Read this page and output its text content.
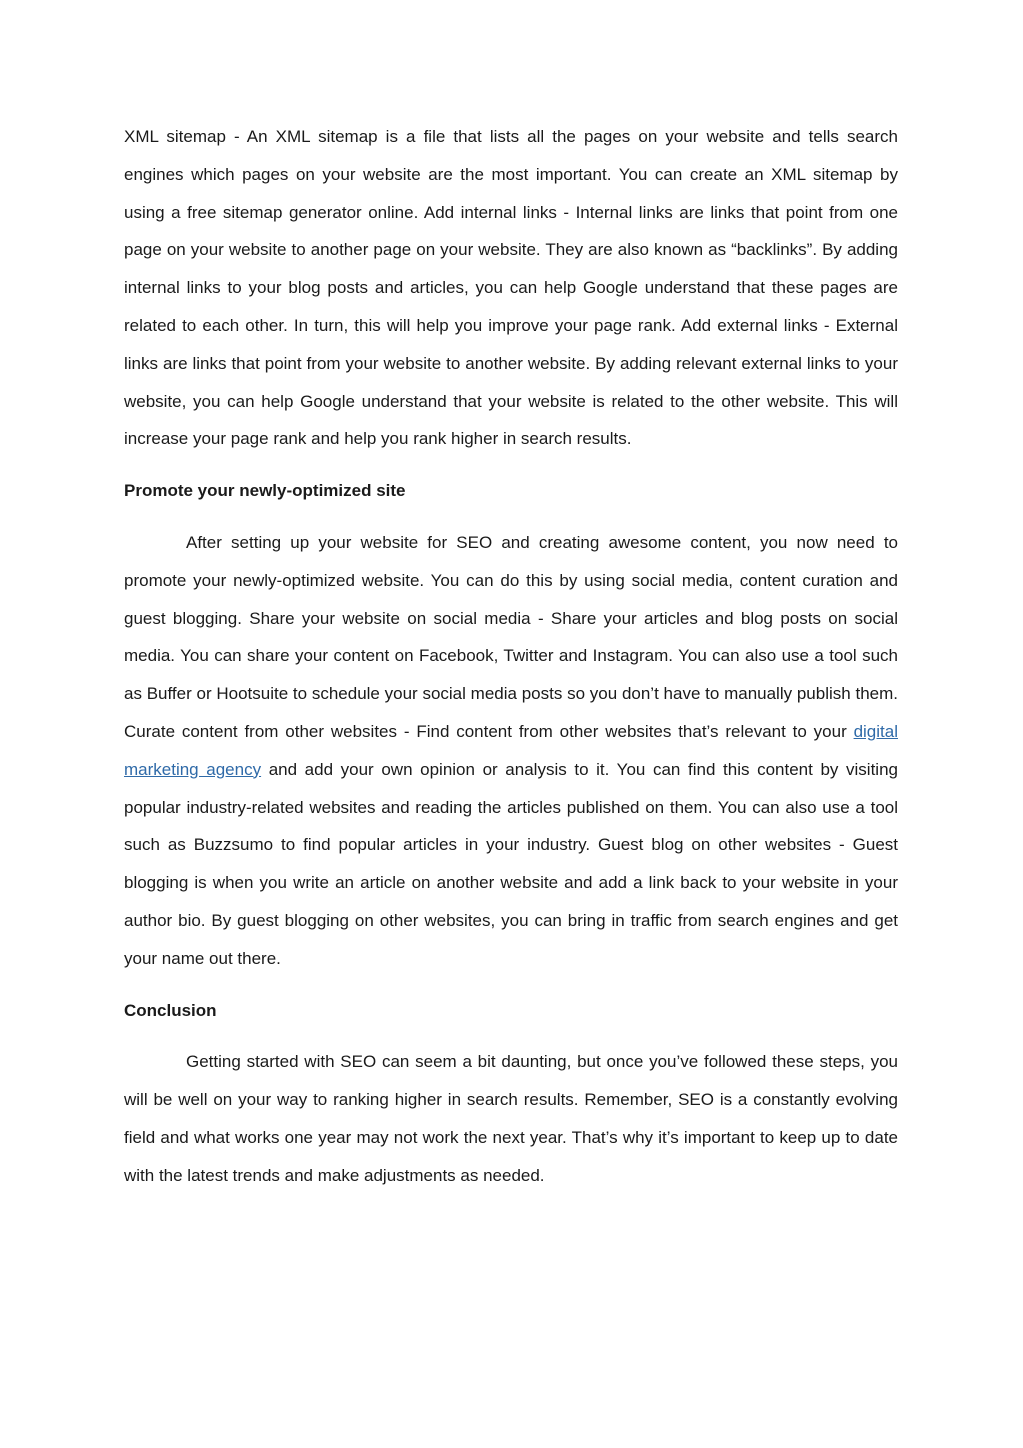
XML sitemap - An XML sitemap is a file that lists all the pages on your website and tells search engines which pages on your website are the most important. You can create an XML sitemap by using a free sitemap generator online. Add internal links - Internal links are links that point from one page on your website to another page on your website. They are also known as “backlinks”. By adding internal links to your blog posts and articles, you can help Google understand that these pages are related to each other. In turn, this will help you improve your page rank. Add external links - External links are links that point from your website to another website. By adding relevant external links to your website, you can help Google understand that your website is related to the other website. This will increase your page rank and help you rank higher in search results.

Promote your newly-optimized site

After setting up your website for SEO and creating awesome content, you now need to promote your newly-optimized website. You can do this by using social media, content curation and guest blogging. Share your website on social media - Share your articles and blog posts on social media. You can share your content on Facebook, Twitter and Instagram. You can also use a tool such as Buffer or Hootsuite to schedule your social media posts so you don’t have to manually publish them. Curate content from other websites - Find content from other websites that’s relevant to your digital marketing agency and add your own opinion or analysis to it. You can find this content by visiting popular industry-related websites and reading the articles published on them. You can also use a tool such as Buzzsumo to find popular articles in your industry. Guest blog on other websites - Guest blogging is when you write an article on another website and add a link back to your website in your author bio. By guest blogging on other websites, you can bring in traffic from search engines and get your name out there.

Conclusion

Getting started with SEO can seem a bit daunting, but once you’ve followed these steps, you will be well on your way to ranking higher in search results. Remember, SEO is a constantly evolving field and what works one year may not work the next year. That’s why it’s important to keep up to date with the latest trends and make adjustments as needed.
